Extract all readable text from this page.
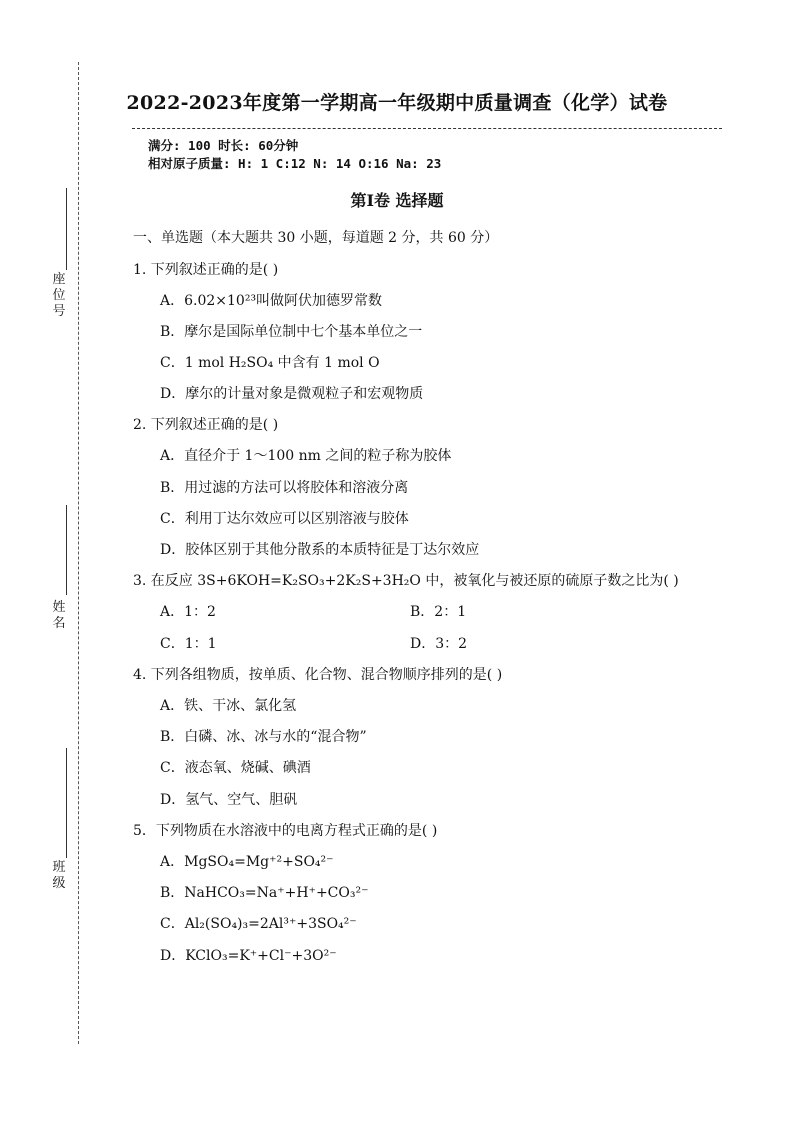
座位号
姓名
班级
2022-2023年度第一学期高一年级期中质量调查（化学）试卷
满分: 100 时长: 60分钟
相对原子质量: H: 1 C:12 N: 14 O:16 Na: 23
第I卷 选择题
一、单选题（本大题共 30 小题，每道题 2 分，共 60 分）
1. 下列叙述正确的是( )
A．6.02×10²³叫做阿伏加德罗常数
B．摩尔是国际单位制中七个基本单位之一
C．1 mol H₂SO₄ 中含有 1 mol O
D．摩尔的计量对象是微观粒子和宏观物质
2. 下列叙述正确的是( )
A．直径介于 1～100 nm 之间的粒子称为胶体
B．用过滤的方法可以将胶体和溶液分离
C．利用丁达尔效应可以区别溶液与胶体
D．胶体区别于其他分散系的本质特征是丁达尔效应
3. 在反应 3S+6KOH=K₂SO₃+2K₂S+3H₂O 中，被氧化与被还原的硫原子数之比为( )
A．1：2	B．2：1
C．1：1	D．3：2
4. 下列各组物质，按单质、化合物、混合物顺序排列的是( )
A．铁、干冰、氯化氢
B．白磷、冰、冰与水的“混合物”
C．液态氧、烧碱、碘酒
D．氢气、空气、胆矾
5．下列物质在水溶液中的电离方程式正确的是( )
A．MgSO₄=Mg⁺²+SO₄²⁻
B．NaHCO₃=Na⁺+H⁺+CO₃²⁻
C．Al₂(SO₄)₃=2Al³⁺+3SO₄²⁻
D．KClO₃=K⁺+Cl⁻+3O²⁻
